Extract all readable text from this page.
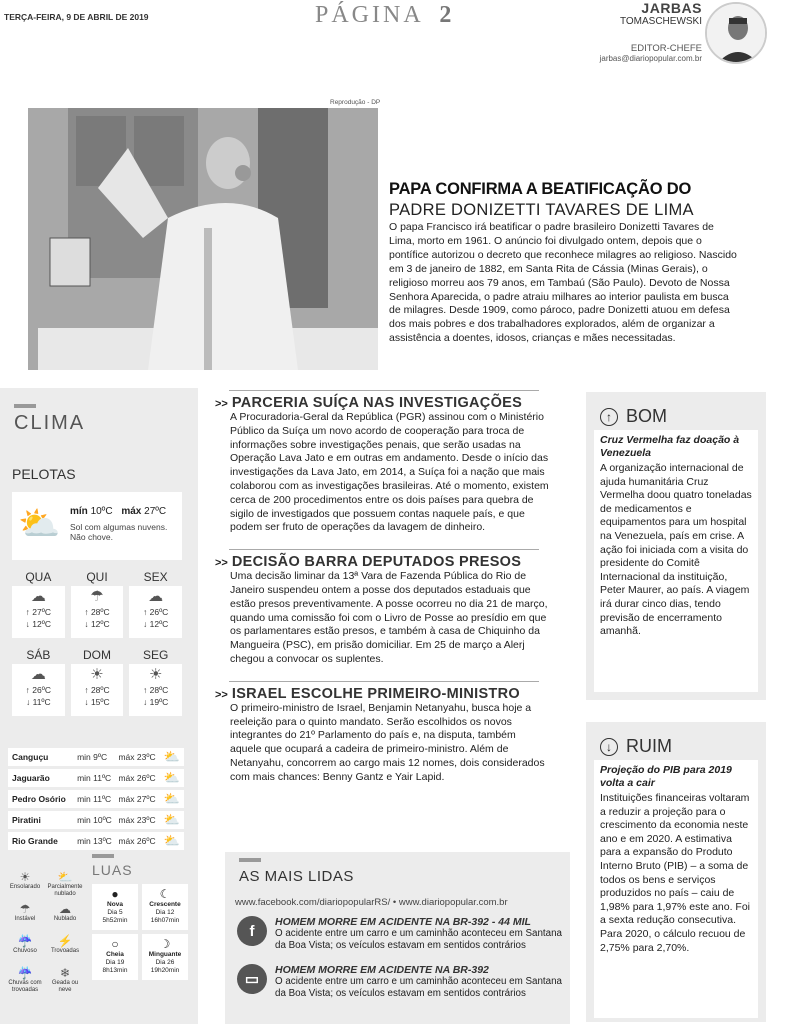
TERÇA-FEIRA, 9 DE ABRIL DE 2019	PÁGINA 2	JARBAS
TOMASCHEWSKI
EDITOR-CHEFE
jarbas@diariopopular.com.br
Reprodução - DP
PAPA CONFIRMA A BEATIFICAÇÃO DO
PADRE DONIZETTI TAVARES DE LIMA

O papa Francisco irá beatificar o padre brasileiro Donizetti Tavares de Lima, morto em 1961. O anúncio foi divulgado ontem, depois que o pontífice autorizou o decreto que reconhece milagres ao religioso. Nascido em 3 de janeiro de 1882, em Santa Rita de Cássia (Minas Gerais), o religioso morreu aos 79 anos, em Tambaú (São Paulo). Devoto de Nossa Senhora Aparecida, o padre atraiu milhares ao interior paulista em busca de milagres. Desde 1909, como pároco, padre Donizetti atuou em defesa dos mais pobres e dos trabalhadores explorados, além de organizar a assistência a doentes, idosos, crianças e mães necessitadas.

CLIMA
PELOTAS
⛅ mín 10ºC máx 27ºC
Sol com algumas nuvens. Não chove.
QUA
☁
↑ 27ºC
↓ 12ºC
QUI
☂
↑ 28ºC
↓ 12ºC
SEX
☁
↑ 26ºC
↓ 12ºC
SÁB
☁
↑ 26ºC
↓ 11ºC
DOM
☀
↑ 28ºC
↓ 15ºC
SEG
☀
↑ 28ºC
↓ 19ºC
Canguçu	min 9ºC	máx 23ºC ⛅
Jaguarão	min 11ºC máx 26ºC ⛅
Pedro Osório	min 11ºC máx 27ºC ⛅
Piratini	min 10ºC máx 23ºC ⛅
Rio Grande	min 13ºC máx 26ºC ⛅
☀
Ensolarado
⛅
Parcialmente nublado
☂
Instável
☁
Nublado
☔
Chuvoso
⚡
Trovoadas
☔
Chuvas com trovoadas
❄
Geada ou neve
LUAS
●
Nova
Dia 5
5h52min
☾
Crescente
Dia 12
16h07min
○
Cheia
Dia 19
8h13min
☽
Minguante
Dia 26
19h20min
>> PARCERIA SUÍÇA NAS INVESTIGAÇÕES

A Procuradoria-Geral da República (PGR) assinou com o Ministério Público da Suíça um novo acordo de cooperação para troca de informações sobre investigações penais, que serão usadas na Operação Lava Jato e em outras em andamento. Desde o início das investigações da Lava Jato, em 2014, a Suíça foi a nação que mais colaborou com as investigações brasileiras. Até o momento, existem cerca de 200 procedimentos entre os dois países para quebra de sigilo de investigados que possuem contas naquele país, e que podem ser fruto de operações da lavagem de dinheiro.

>> DECISÃO BARRA DEPUTADOS PRESOS

Uma decisão liminar da 13ª Vara de Fazenda Pública do Rio de Janeiro suspendeu ontem a posse dos deputados estaduais que estão presos preventivamente. A posse ocorreu no dia 21 de março, quando uma comissão foi com o Livro de Posse ao presídio em que os parlamentares estão presos, e também à casa de Chiquinho da Mangueira (PSC), em prisão domiciliar. Em 25 de março a Alerj chegou a convocar os suplentes.

>> ISRAEL ESCOLHE PRIMEIRO-MINISTRO

O primeiro-ministro de Israel, Benjamin Netanyahu, busca hoje a reeleição para o quinto mandato. Serão escolhidos os novos integrantes do 21º Parlamento do país e, na disputa, também aquele que ocupará a cadeira de primeiro-ministro. Além de Netanyahu, concorrem ao cargo mais 12 nomes, dois considerados com mais chances: Benny Gantz e Yair Lapid.

AS MAIS LIDAS
www.facebook.com/diariopopularRS/ • www.diariopopular.com.br
f
HOMEM MORRE EM ACIDENTE NA BR-392 - 44 MIL
O acidente entre um carro e um caminhão aconteceu em Santana da Boa Vista; os veículos estavam em sentidos contrários
▭
HOMEM MORRE EM ACIDENTE NA BR-392
O acidente entre um carro e um caminhão aconteceu em Santana da Boa Vista; os veículos estavam em sentidos contrários
↑ BOM
Cruz Vermelha faz doação à Venezuela

A organização internacional de ajuda humanitária Cruz Vermelha doou quatro toneladas de medicamentos e equipamentos para um hospital na Venezuela, país em crise. A ação foi iniciada com a visita do presidente do Comitê Internacional da instituição, Peter Maurer, ao país. A viagem irá durar cinco dias, tendo previsão de encerramento amanhã.

↓ RUIM
Projeção do PIB para 2019 volta a cair

Instituições financeiras voltaram a reduzir a projeção para o crescimento da economia neste ano e em 2020. A estimativa para a expansão do Produto Interno Bruto (PIB) – a soma de todos os bens e serviços produzidos no país – caiu de 1,98% para 1,97% este ano. Foi a sexta redução consecutiva. Para 2020, o cálculo recuou de 2,75% para 2,70%.
